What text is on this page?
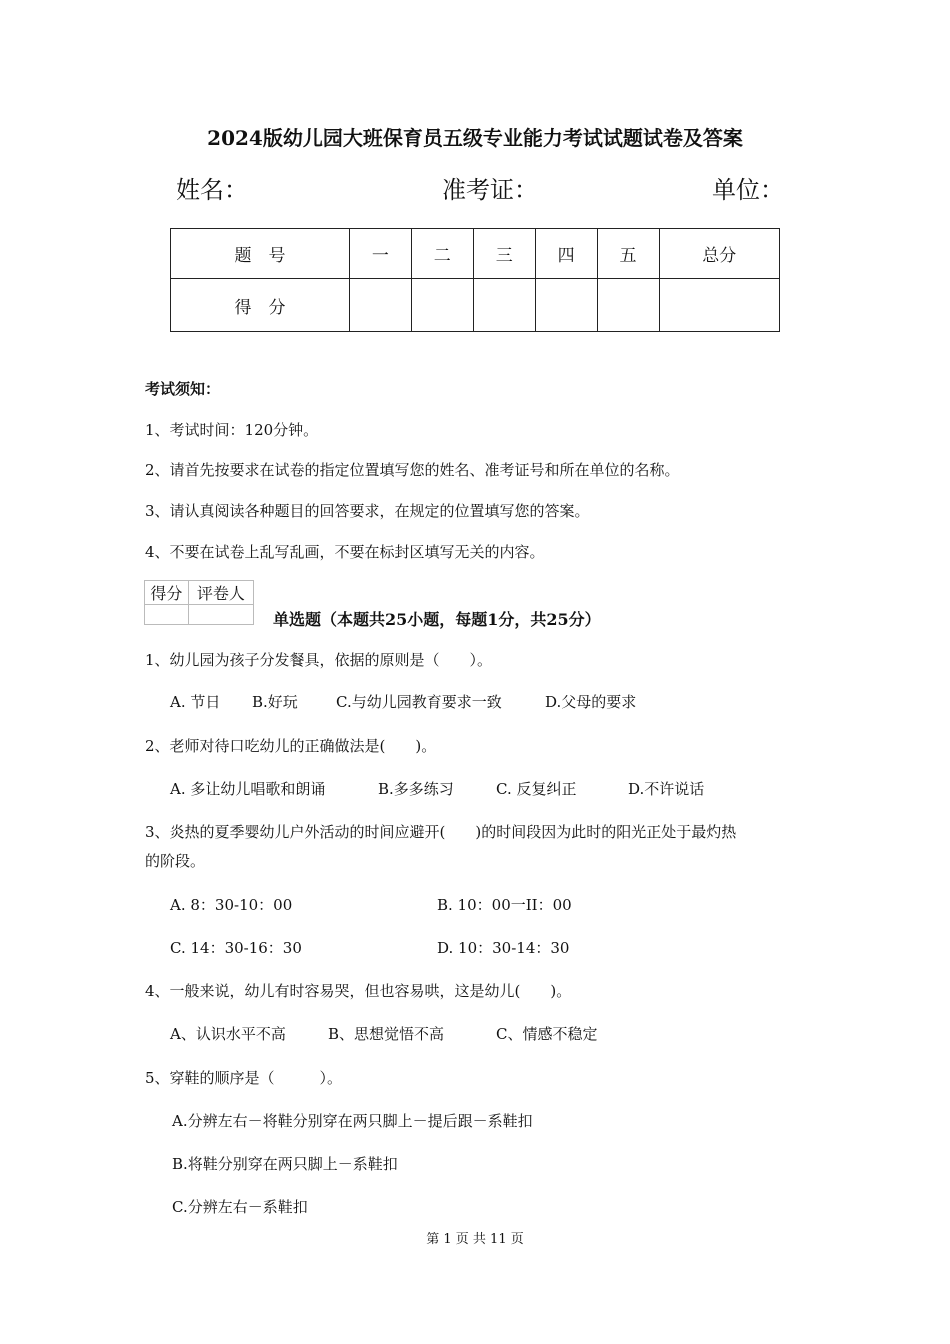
2024版幼儿园大班保育员五级专业能力考试试题试卷及答案
姓名：	准考证：	单位：
题　号	一	二	三	四	五	总分
得　分						
考试须知：
1、考试时间：120分钟。
2、请首先按要求在试卷的指定位置填写您的姓名、准考证号和所在单位的名称。
3、请认真阅读各种题目的回答要求，在规定的位置填写您的答案。
4、不要在试卷上乱写乱画，不要在标封区填写无关的内容。
得分	评卷人

单选题（本题共25小题，每题1分，共25分）
1、幼儿园为孩子分发餐具，依据的原则是（　　）。
A. 节日 B.好玩	C.与幼儿园教育要求一致	D.父母的要求
2、老师对待口吃幼儿的正确做法是(　　)。
A. 多让幼儿唱歌和朗诵	B.多多练习	C. 反复纠正	D.不许说话
3、炎热的夏季婴幼儿户外活动的时间应避开(　　)的时间段因为此时的阳光正处于最灼热
的阶段。
A. 8：30-10：00	B. 10：00一II：00
C. 14：30-16：30	D. 10：30-14：30
4、一般来说，幼儿有时容易哭，但也容易哄，这是幼儿(　　)。
A、认识水平不高	B、思想觉悟不高	C、情感不稳定
5、穿鞋的顺序是（　　　）。
A.分辨左右－将鞋分别穿在两只脚上－提后跟－系鞋扣
B.将鞋分别穿在两只脚上－系鞋扣
C.分辨左右－系鞋扣
第 1 页 共 11 页
